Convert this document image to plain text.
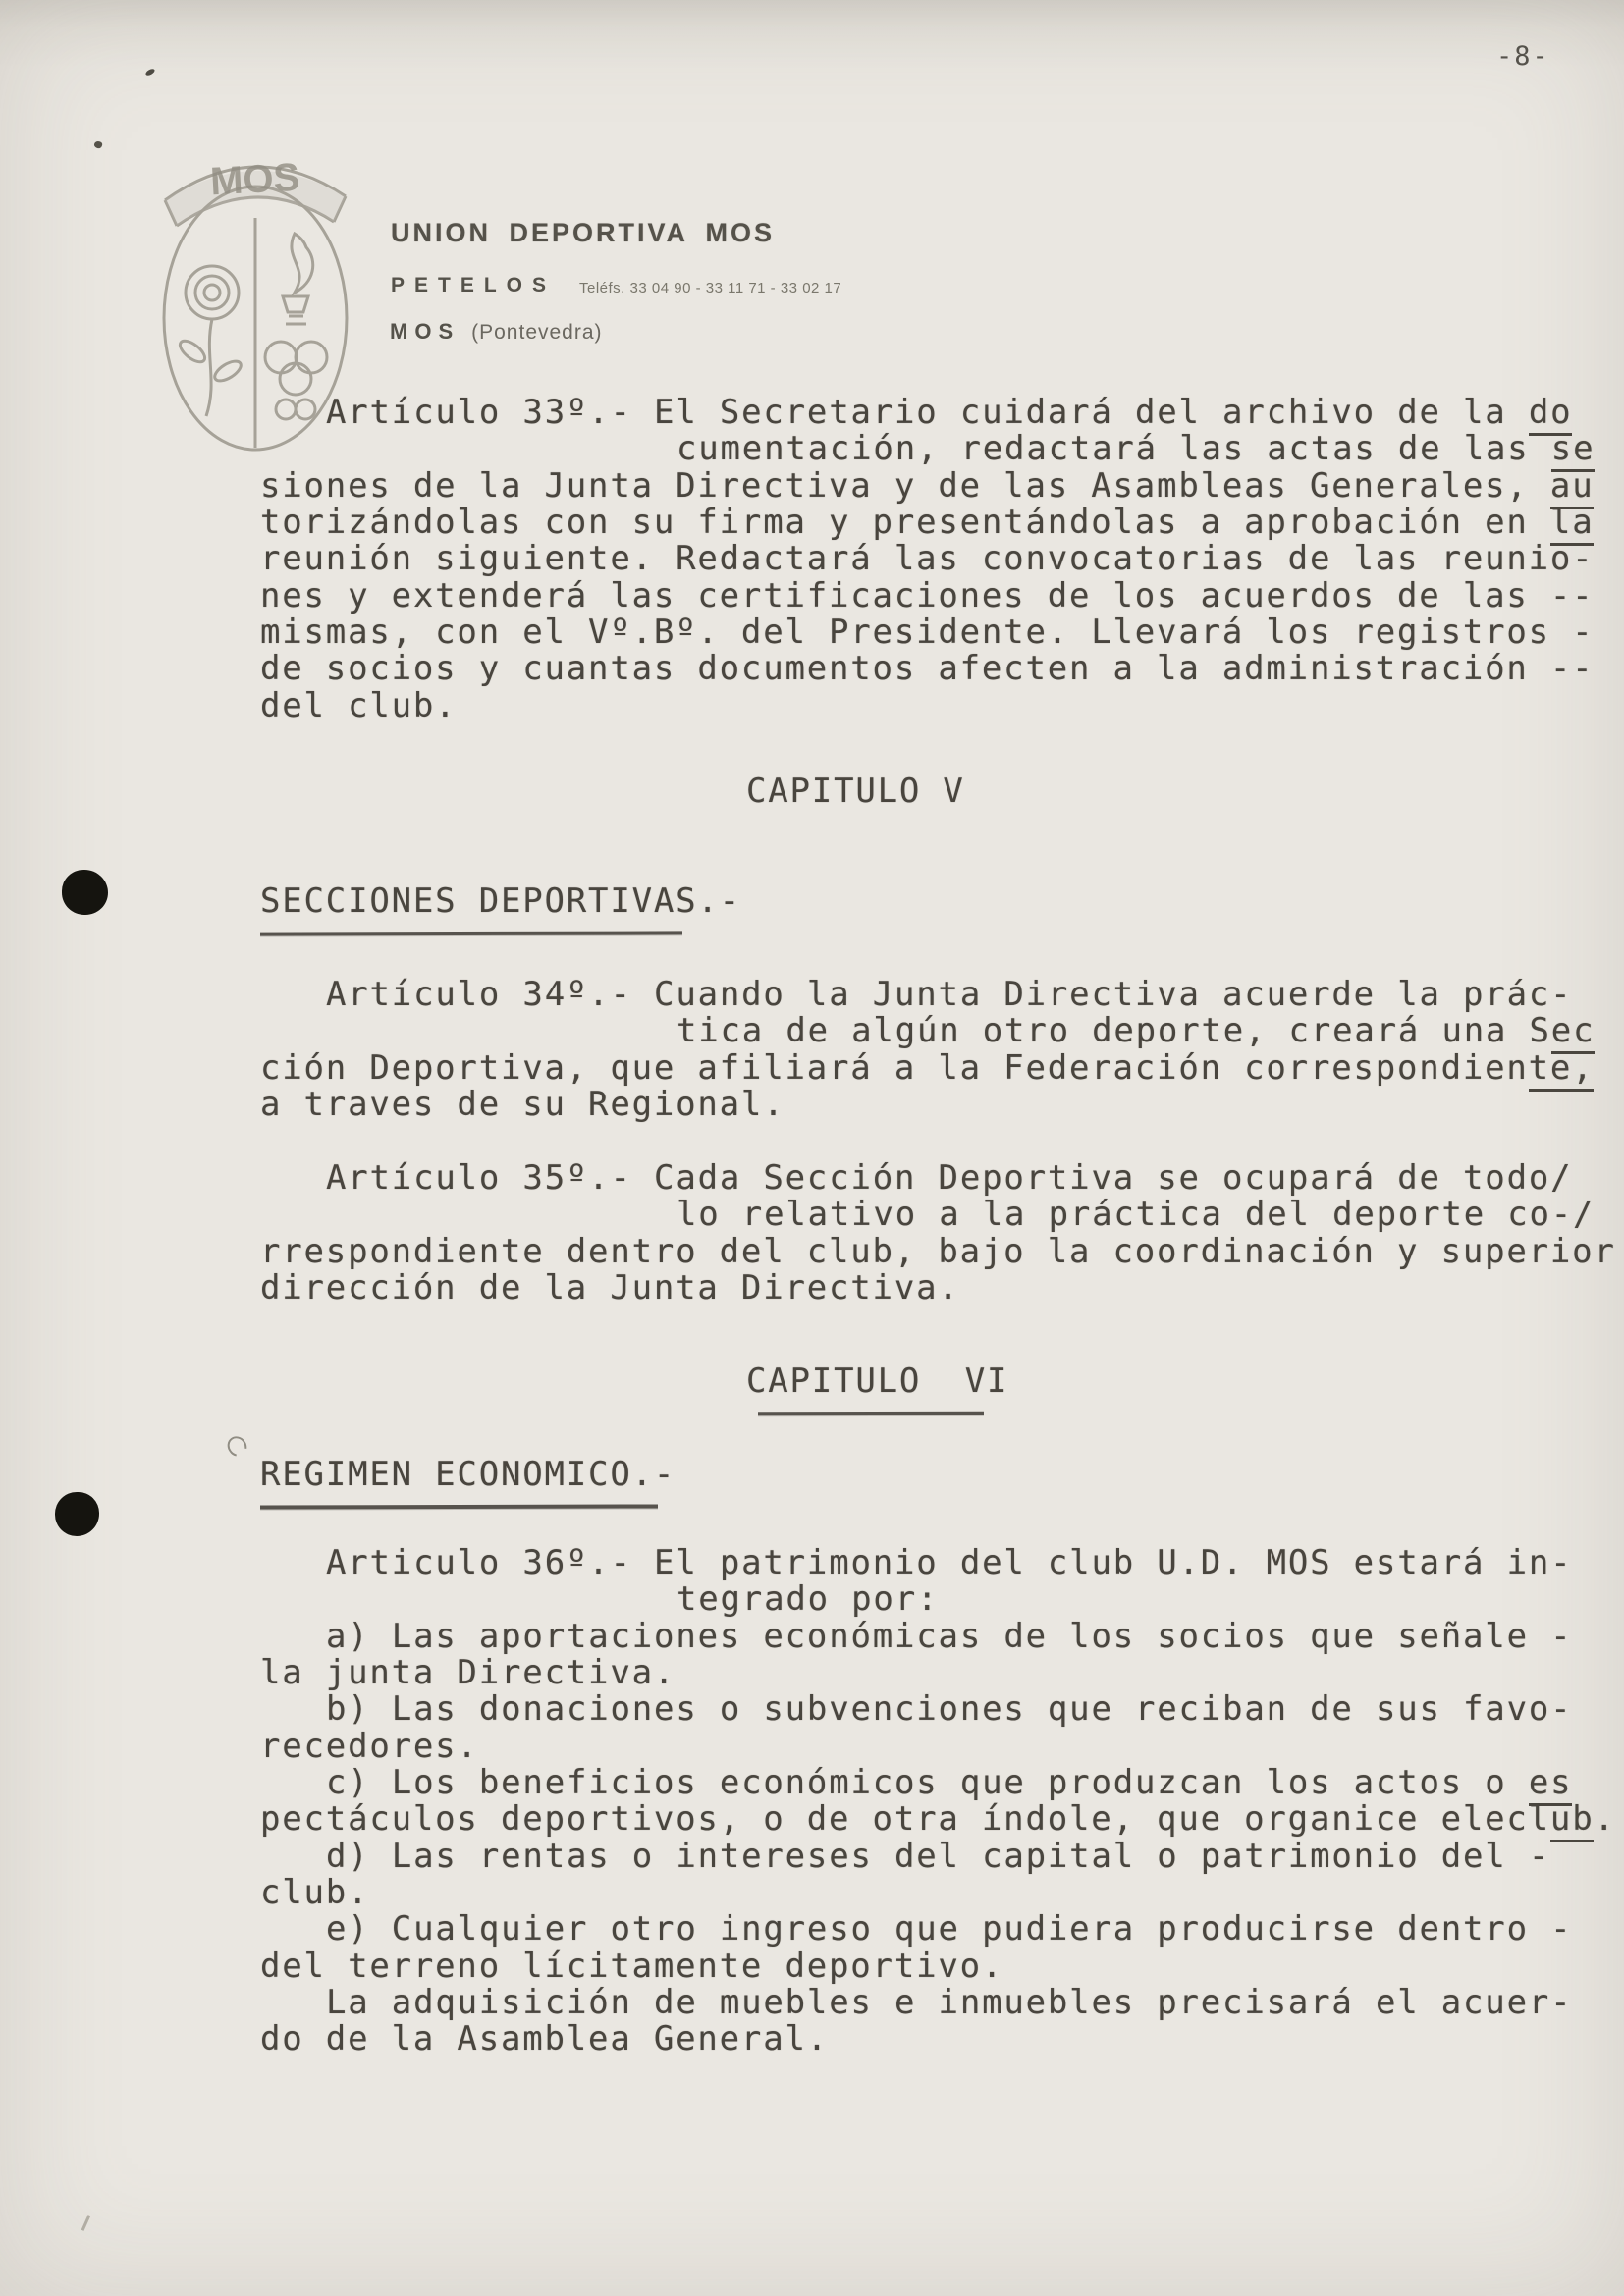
MOS
UNION DEPORTIVA MOS
PETELOS Teléfs. 33 04 90 - 33 11 71 - 33 02 17
MOS (Pontevedra)
-8-
Artículo 33º.- El Secretario cuidará del archivo de la do
cumentación, redactará las actas de las se
siones de la Junta Directiva y de las Asambleas Generales, au
torizándolas con su firma y presentándolas a aprobación en la
reunión siguiente. Redactará las convocatorias de las reunio-
nes y extenderá las certificaciones de los acuerdos de las --
mismas, con el Vº.Bº. del Presidente. Llevará los registros -
de socios y cuantas documentos afecten a la administración --
del club.
CAPITULO V
SECCIONES DEPORTIVAS.-
Artículo 34º.- Cuando la Junta Directiva acuerde la prác-
tica de algún otro deporte, creará una Sec
ción Deportiva, que afiliará a la Federación correspondiente,
a traves de su Regional.
Artículo 35º.- Cada Sección Deportiva se ocupará de todo/
lo relativo a la práctica del deporte co-/
rrespondiente dentro del club, bajo la coordinación y superior
dirección de la Junta Directiva.
CAPITULO  VI
REGIMEN ECONOMICO.-
Articulo 36º.- El patrimonio del club U.D. MOS estará in-
tegrado por:
a) Las aportaciones económicas de los socios que señale -
la junta Directiva.
b) Las donaciones o subvenciones que reciban de sus favo-
recedores.
c) Los beneficios económicos que produzcan los actos o es
pectáculos deportivos, o de otra índole, que organice eleclub.
d) Las rentas o intereses del capital o patrimonio del -
club.
e) Cualquier otro ingreso que pudiera producirse dentro -
del terreno lícitamente deportivo.
La adquisición de muebles e inmuebles precisará el acuer-
do de la Asamblea General.
